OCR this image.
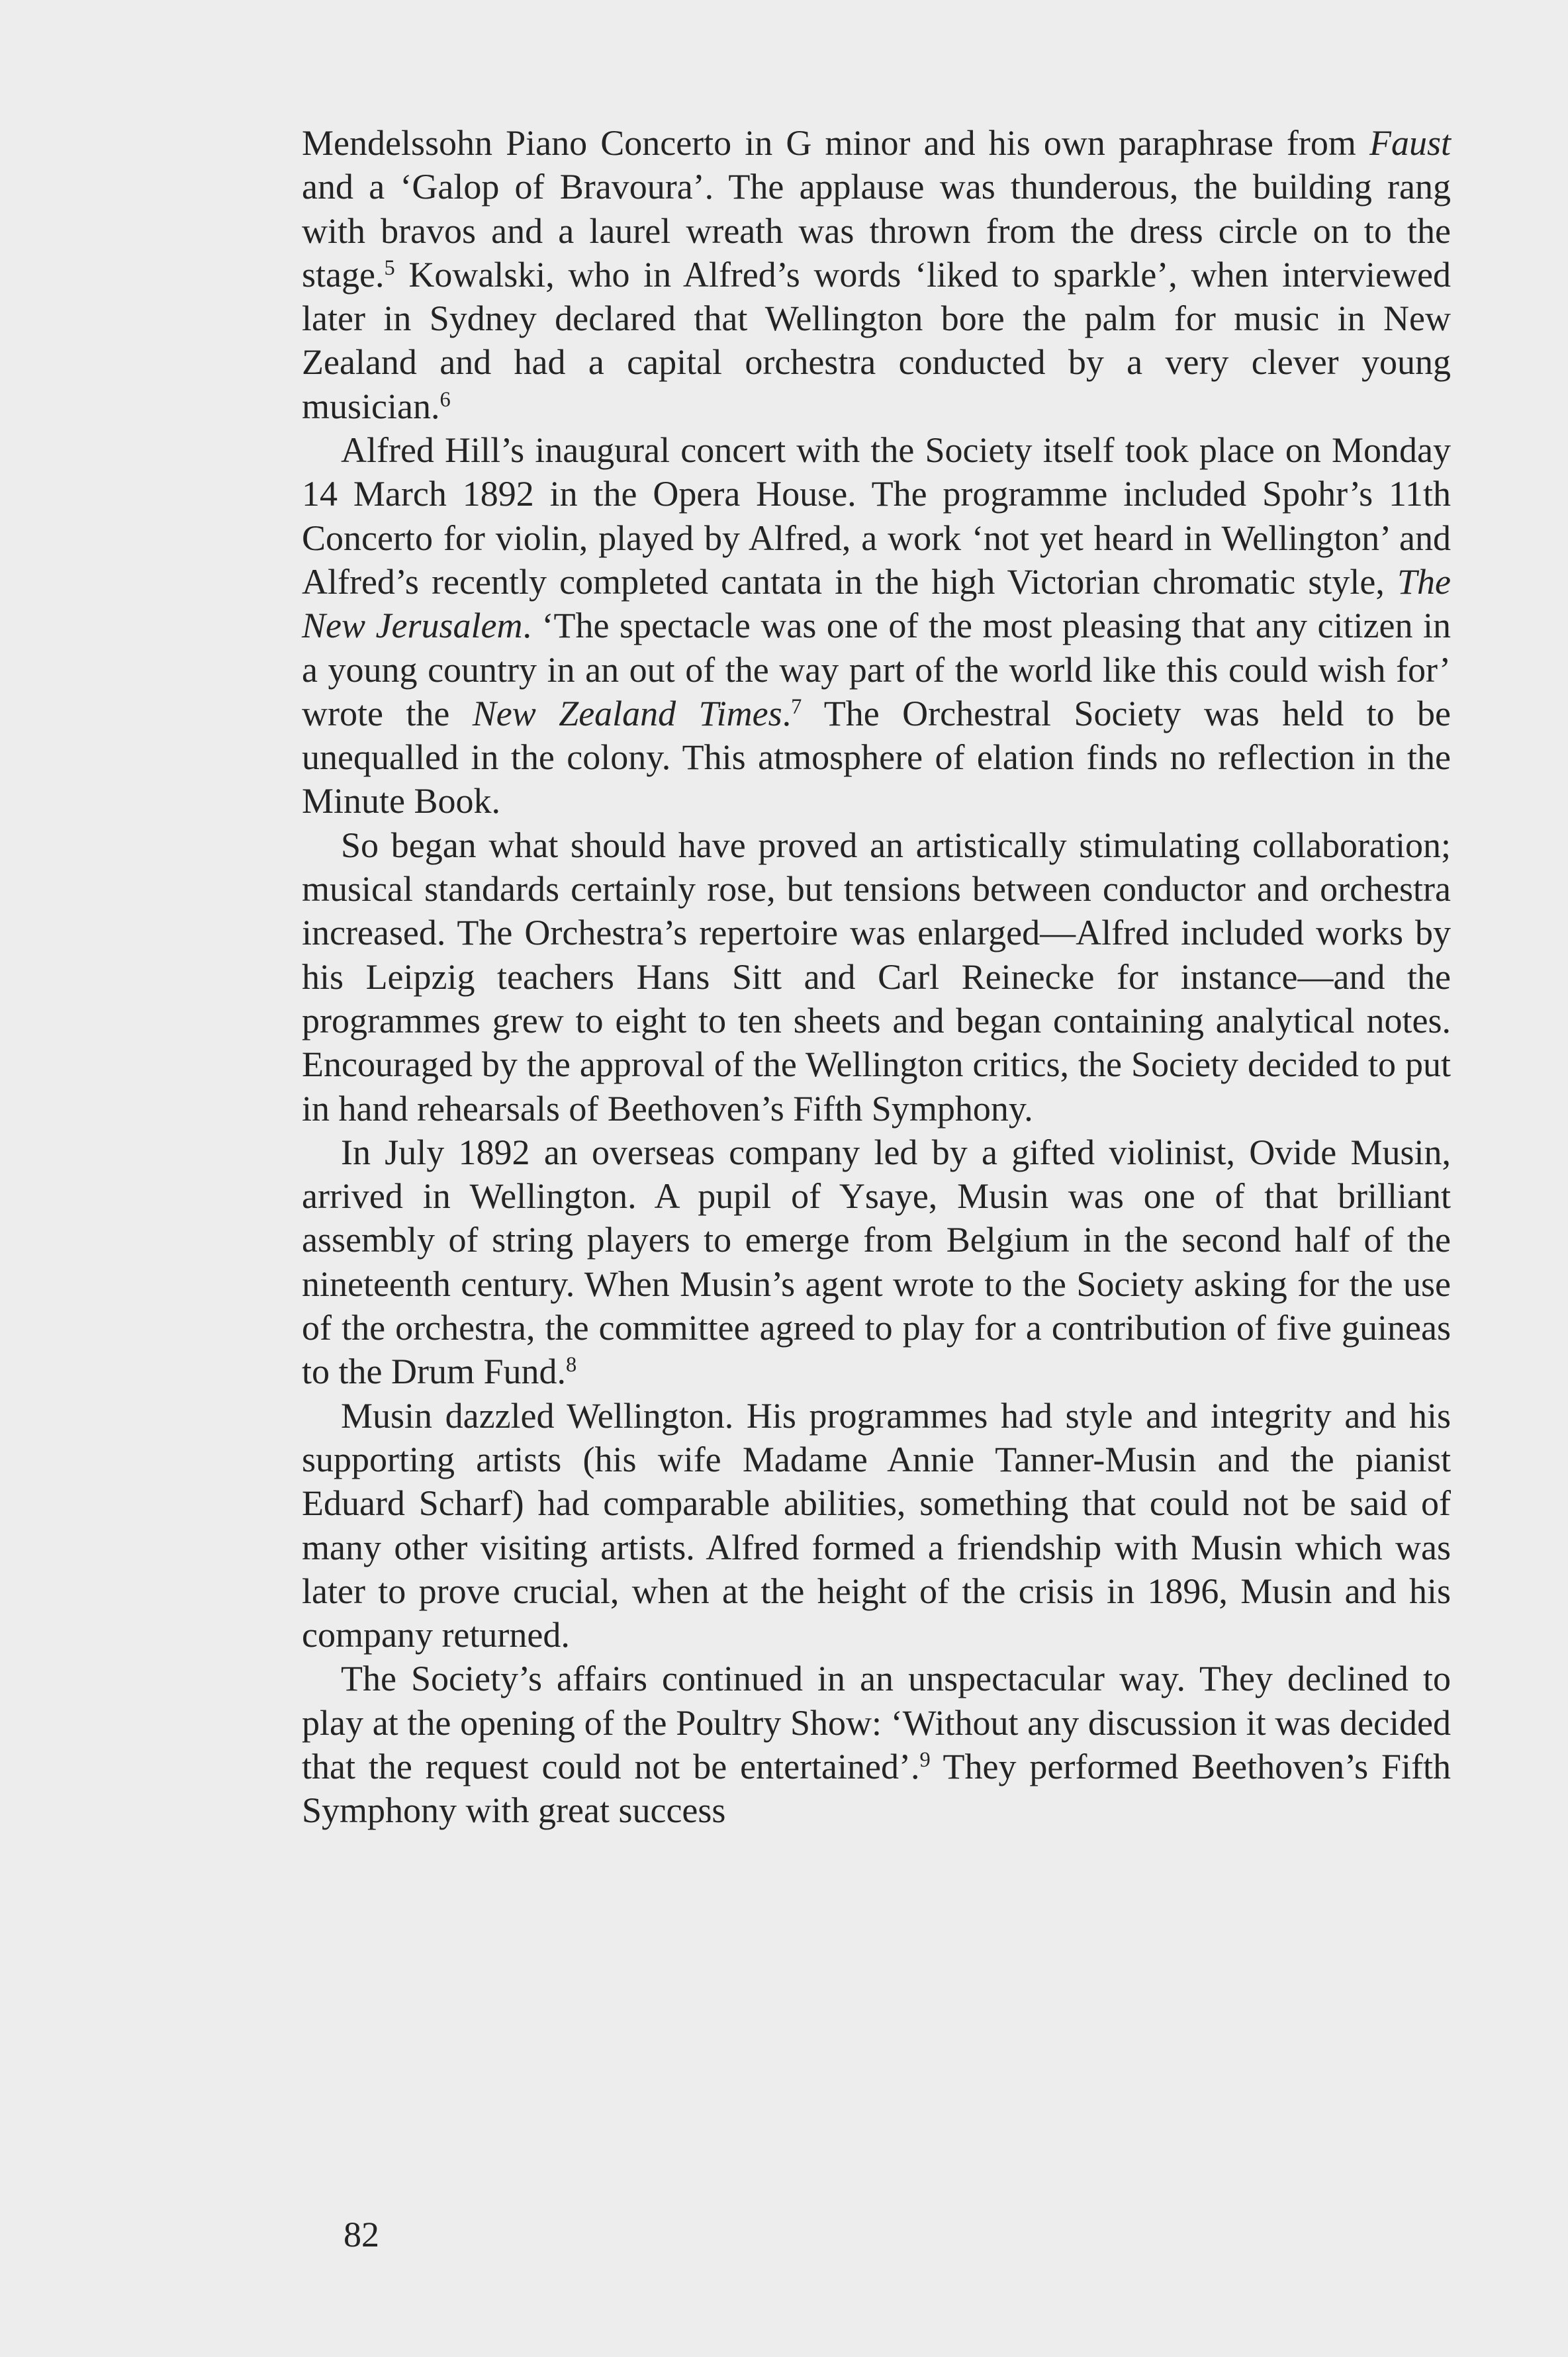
Mendelssohn Piano Concerto in G minor and his own paraphrase from Faust and a ‘Galop of Bravoura’. The applause was thunderous, the building rang with bravos and a laurel wreath was thrown from the dress circle on to the stage.$^5$ Kowalski, who in Alfred’s words ‘liked to sparkle’, when interviewed later in Sydney declared that Wellington bore the palm for music in New Zealand and had a capital orchestra conducted by a very clever young musician.$^6$

Alfred Hill’s inaugural concert with the Society itself took place on Monday 14 March 1892 in the Opera House. The programme included Spohr’s 11th Concerto for violin, played by Alfred, a work ‘not yet heard in Wellington’ and Alfred’s recently completed cantata in the high Victorian chromatic style, The New Jerusalem. ‘The spectacle was one of the most pleasing that any citizen in a young country in an out of the way part of the world like this could wish for’ wrote the New Zealand Times.$^7$ The Orchestral Society was held to be unequalled in the colony. This atmosphere of elation finds no reflection in the Minute Book.

So began what should have proved an artistically stimulating collaboration; musical standards certainly rose, but tensions between conductor and orchestra increased. The Orchestra’s repertoire was enlarged—Alfred included works by his Leipzig teachers Hans Sitt and Carl Reinecke for instance—and the programmes grew to eight to ten sheets and began containing analytical notes. Encouraged by the approval of the Wellington critics, the Society decided to put in hand rehearsals of Beethoven’s Fifth Symphony.

In July 1892 an overseas company led by a gifted violinist, Ovide Musin, arrived in Wellington. A pupil of Ysaye, Musin was one of that brilliant assembly of string players to emerge from Belgium in the second half of the nineteenth century. When Musin’s agent wrote to the Society asking for the use of the orchestra, the committee agreed to play for a contribution of five guineas to the Drum Fund.$^8$

Musin dazzled Wellington. His programmes had style and integrity and his supporting artists (his wife Madame Annie Tanner-Musin and the pianist Eduard Scharf) had comparable abilities, something that could not be said of many other visiting artists. Alfred formed a friendship with Musin which was later to prove crucial, when at the height of the crisis in 1896, Musin and his company returned.

The Society’s affairs continued in an unspectacular way. They declined to play at the opening of the Poultry Show: ‘Without any discussion it was decided that the request could not be entertained’.$^9$ They performed Beethoven’s Fifth Symphony with great success

82
